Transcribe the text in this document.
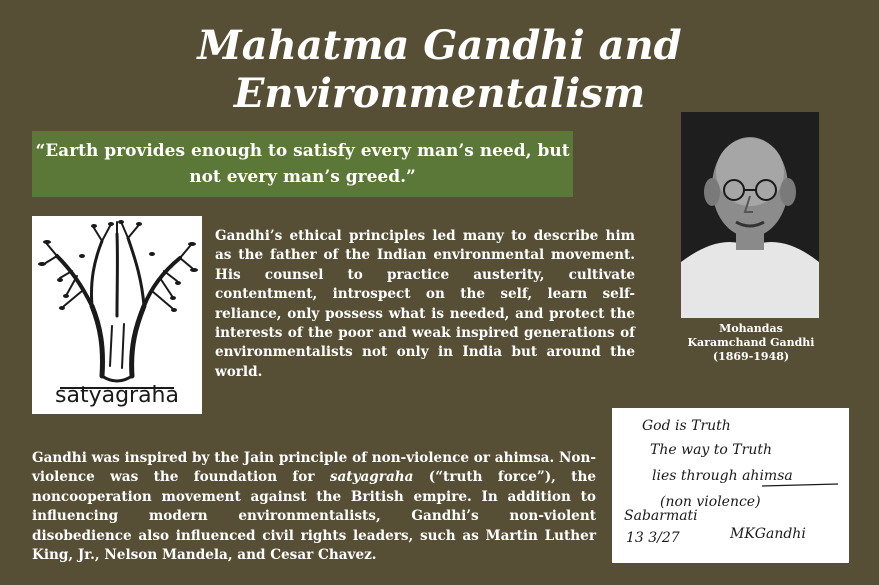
Mahatma Gandhi and
Environmentalism
“Earth provides enough to satisfy every man’s need, but not every man’s greed.”
satyagraha
Gandhi’s ethical principles led many to describe him as the father of the Indian environmental movement. His counsel to practice austerity, cultivate contentment, introspect on the self, learn self-reliance, only possess what is needed, and protect the interests of the poor and weak inspired generations of environmentalists not only in India but around the world.
Mohandas
Karamchand Gandhi
(1869-1948)
God is Truth
The way to Truth
lies through ahimsa
(non violence)
Sabarmati
13 3/27	MKGandhi
Gandhi was inspired by the Jain principle of non-violence or ahimsa. Non-violence was the foundation for satyagraha (“truth force”), the noncooperation movement against the British empire. In addition to influencing modern environmentalists, Gandhi’s non-violent disobedience also influenced civil rights leaders, such as Martin Luther King, Jr., Nelson Mandela, and Cesar Chavez.
